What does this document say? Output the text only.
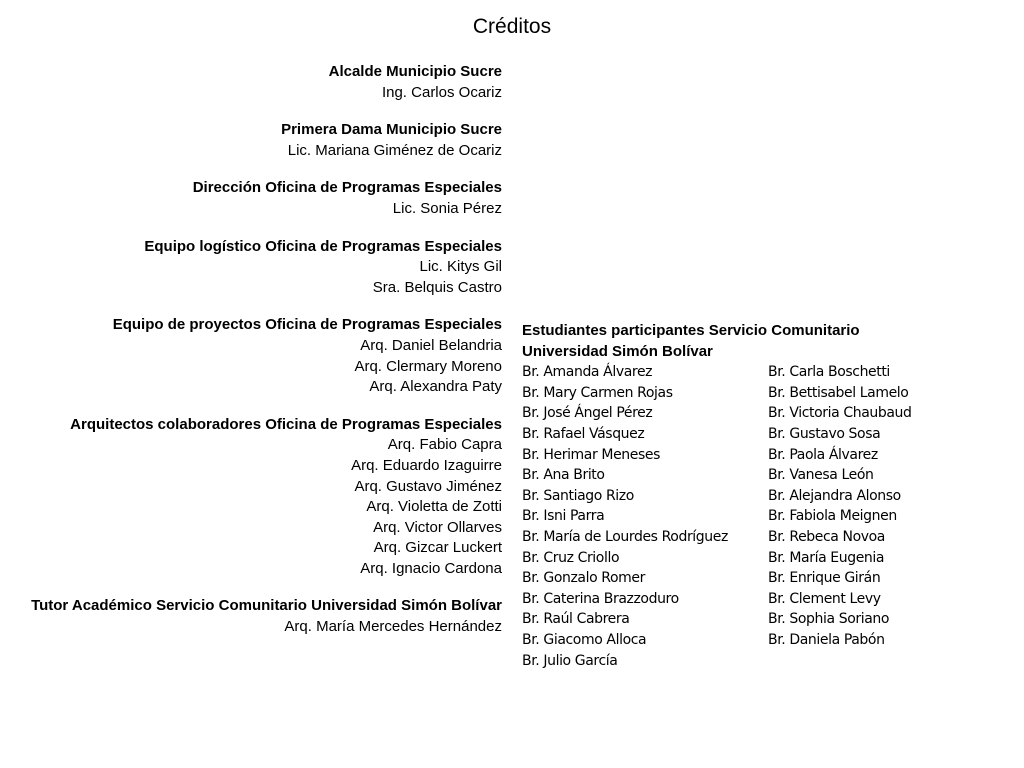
Créditos
Alcalde Municipio Sucre
Ing. Carlos Ocariz
Primera Dama Municipio Sucre
Lic. Mariana Giménez de Ocariz
Dirección Oficina de Programas Especiales
Lic. Sonia Pérez
Equipo logístico Oficina de Programas Especiales
Lic. Kitys Gil
Sra. Belquis Castro
Equipo de proyectos Oficina de Programas Especiales
Arq. Daniel Belandria
Arq. Clermary Moreno
Arq. Alexandra Paty
Arquitectos colaboradores Oficina de Programas Especiales
Arq. Fabio Capra
Arq. Eduardo Izaguirre
Arq. Gustavo Jiménez
Arq. Violetta de Zotti
Arq. Victor Ollarves
Arq. Gizcar Luckert
Arq. Ignacio Cardona
Tutor Académico Servicio Comunitario Universidad Simón Bolívar
Arq. María Mercedes Hernández
Estudiantes participantes Servicio Comunitario
Universidad Simón Bolívar
Br. Amanda Álvarez
Br. Mary Carmen Rojas
Br. José Ángel Pérez
Br. Rafael Vásquez
Br. Herimar Meneses
Br. Ana Brito
Br. Santiago Rizo
Br. Isni Parra
Br. María de Lourdes Rodríguez
Br. Cruz Criollo
Br. Gonzalo Romer
Br. Caterina Brazzoduro
Br. Raúl Cabrera
Br. Giacomo Alloca
Br. Julio García
Br. Carla Boschetti
Br. Bettisabel Lamelo
Br. Victoria Chaubaud
Br. Gustavo Sosa
Br. Paola Álvarez
Br. Vanesa León
Br. Alejandra Alonso
Br. Fabiola Meignen
Br. Rebeca Novoa
Br. María Eugenia
Br. Enrique Girán
Br. Clement Levy
Br. Sophia Soriano
Br. Daniela Pabón
